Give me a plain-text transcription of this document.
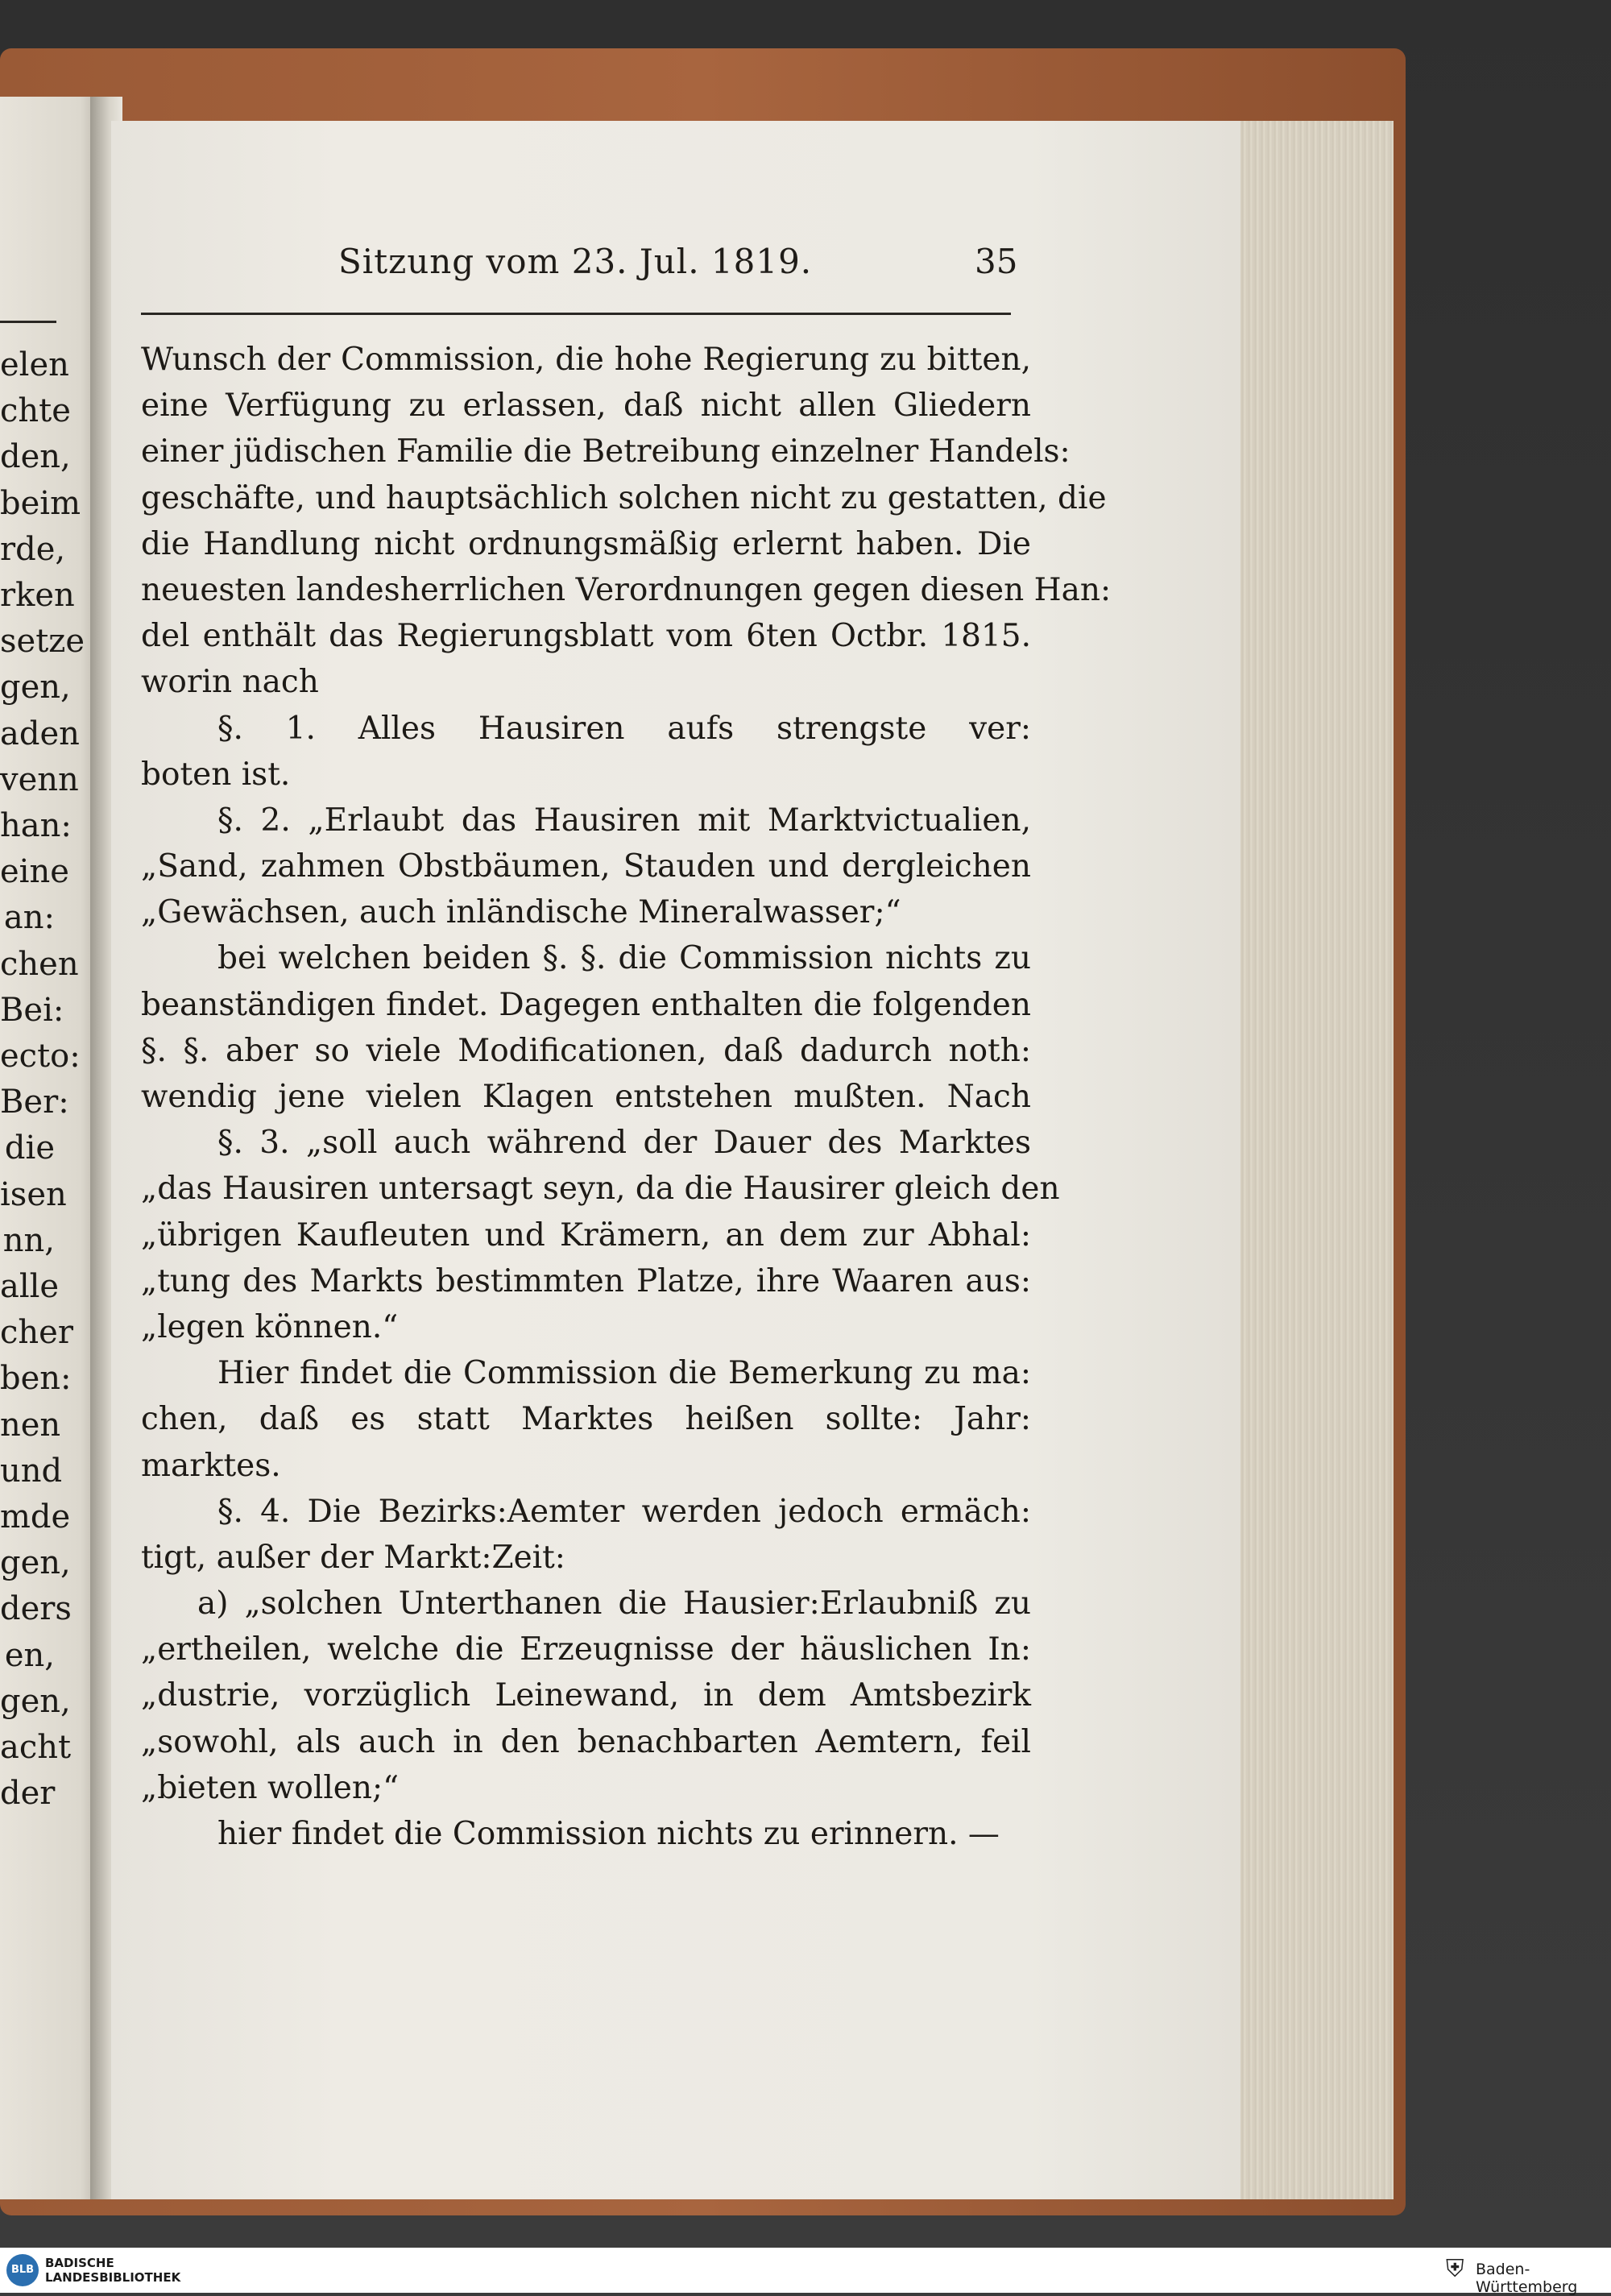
elen
chte
den,
beim
rde,
rken
setze
gen,
aden
venn
han:
eine
an:
chen
Bei:
ecto:
Ber:
die
isen
nn,
alle
cher
ben:
nen
und
mde
gen,
ders
en,
gen,
acht
der
Sitzung vom 23. Jul. 1819.	35
Wunsch der Commission, die hohe Regierung zu bitten,
eine Verfügung zu erlassen, daß nicht allen Gliedern
einer jüdischen Familie die Betreibung einzelner Handels:
geschäfte, und hauptsächlich solchen nicht zu gestatten, die
die Handlung nicht ordnungsmäßig erlernt haben. Die
neuesten landesherrlichen Verordnungen gegen diesen Han:
del enthält das Regierungsblatt vom 6ten Octbr. 1815.
worin nach
§. 1. Alles Hausiren aufs strengste ver:
boten ist.
§. 2. „Erlaubt das Hausiren mit Marktvictualien,
„Sand, zahmen Obstbäumen, Stauden und dergleichen
„Gewächsen, auch inländische Mineralwasser;“
bei welchen beiden §. §. die Commission nichts zu
beanständigen findet. Dagegen enthalten die folgenden
§. §. aber so viele Modificationen, daß dadurch noth:
wendig jene vielen Klagen entstehen mußten. Nach
§. 3. „soll auch während der Dauer des Marktes
„das Hausiren untersagt seyn, da die Hausirer gleich den
„übrigen Kaufleuten und Krämern, an dem zur Abhal:
„tung des Markts bestimmten Platze, ihre Waaren aus:
„legen können.“
Hier findet die Commission die Bemerkung zu ma:
chen, daß es statt Marktes heißen sollte: Jahr:
marktes.
§. 4. Die Bezirks:Aemter werden jedoch ermäch:
tigt, außer der Markt:Zeit:
a) „solchen Unterthanen die Hausier:Erlaubniß zu
„ertheilen, welche die Erzeugnisse der häuslichen In:
„dustrie, vorzüglich Leinewand, in dem Amtsbezirk
„sowohl, als auch in den benachbarten Aemtern, feil
„bieten wollen;“
hier findet die Commission nichts zu erinnern. —
BLB BADISCHE
LANDESBIBLIOTHEK	⛨ Baden-Württemberg
